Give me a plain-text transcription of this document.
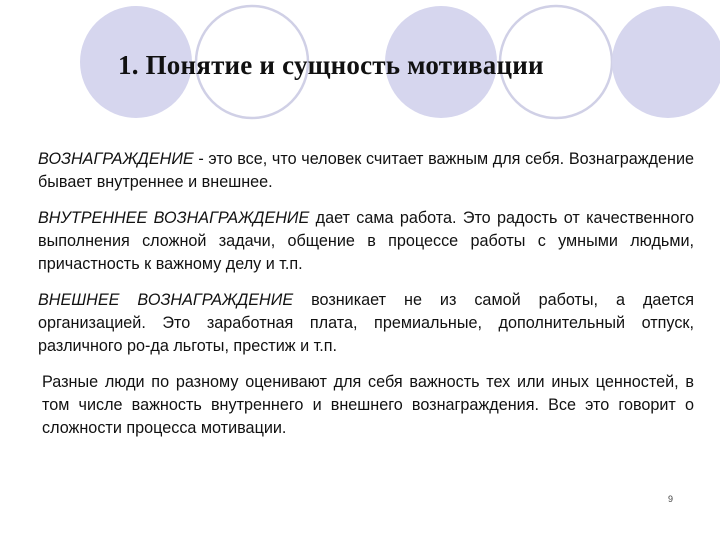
1. Понятие и сущность мотивации

ВОЗНАГРАЖДЕНИЕ - это все, что человек считает важным для себя. Вознаграждение бывает внутреннее и внешнее.

ВНУТРЕННЕЕ ВОЗНАГРАЖДЕНИЕ дает сама работа. Это радость от качественного выполнения сложной задачи, общение в процессе работы с умными людьми, причастность к важному делу и т.п.

ВНЕШНЕЕ ВОЗНАГРАЖДЕНИЕ возникает не из самой работы, а дается организацией. Это заработная плата, премиальные, дополнительный отпуск, различного ро-да льготы, престиж и т.п.

Разные люди по разному оценивают для себя важность тех или иных ценностей, в том числе важность внутреннего и внешнего вознаграждения. Все это говорит о сложности процесса мотивации.

9
